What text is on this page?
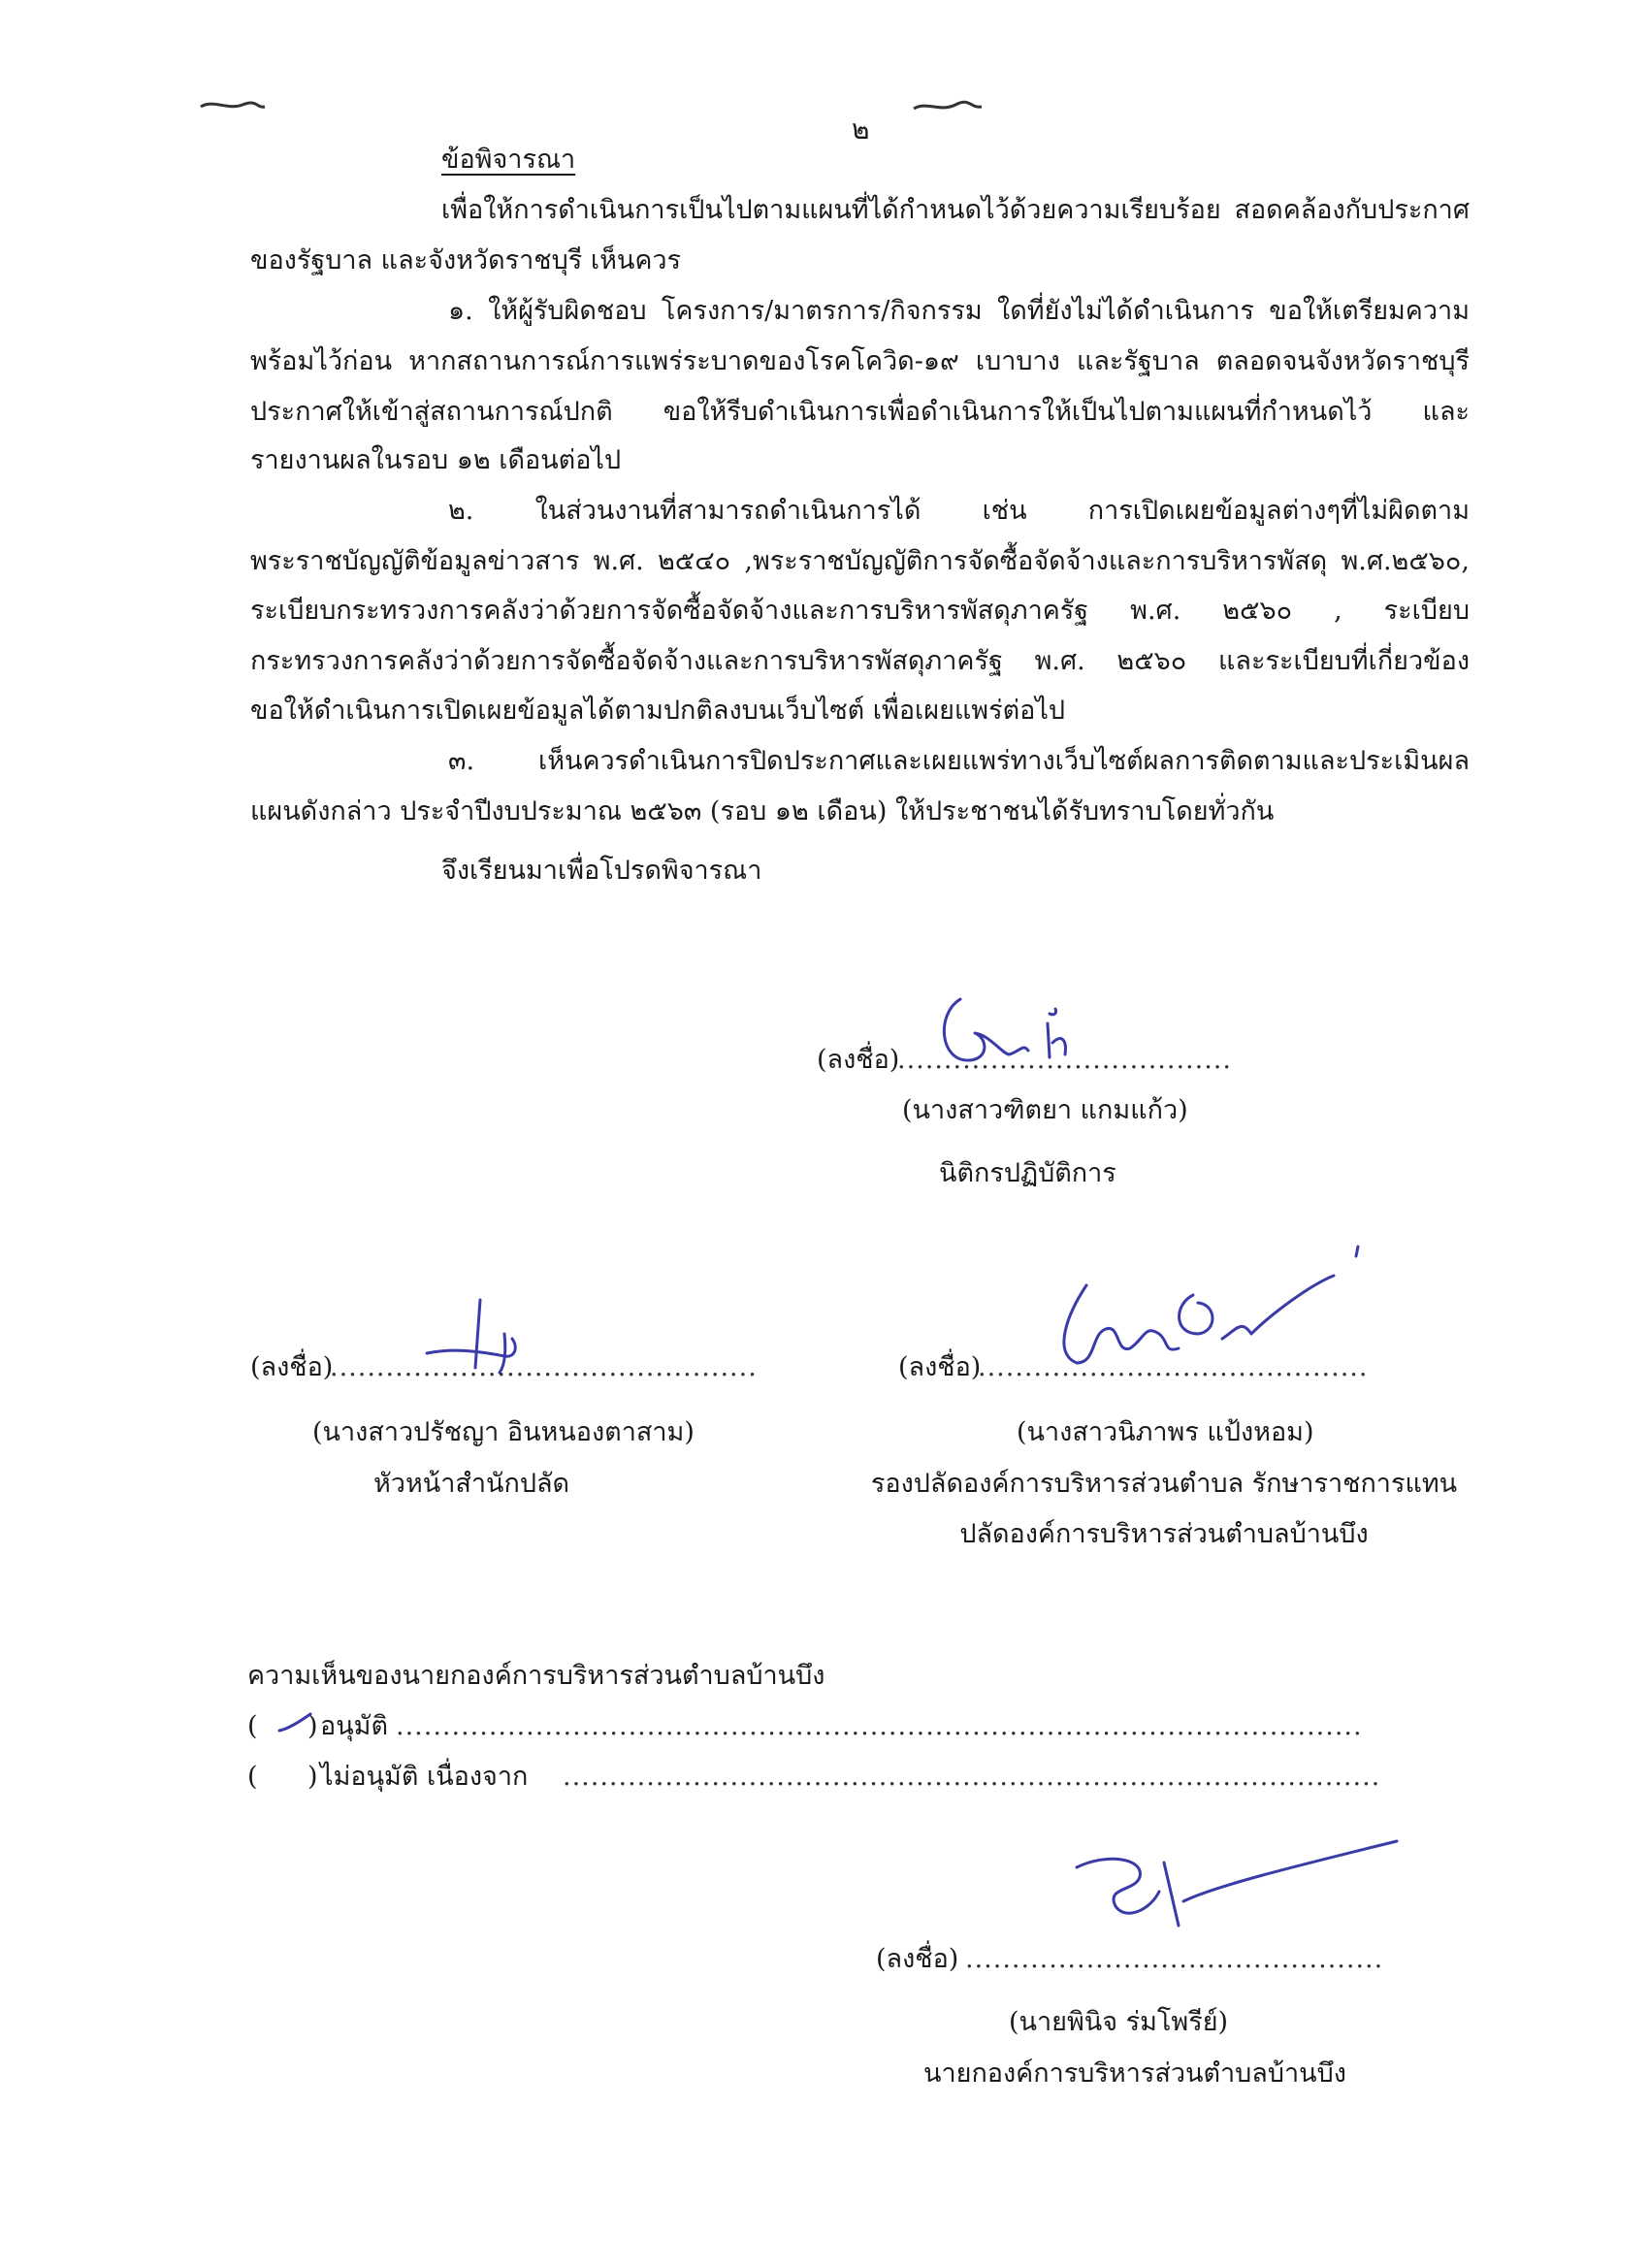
๒
ข้อพิจารณา
เพื่อให้การดำเนินการเป็นไปตามแผนที่ได้กำหนดไว้ด้วยความเรียบร้อย สอดคล้องกับประกาศ
ของรัฐบาล และจังหวัดราชบุรี เห็นควร
๑. ให้ผู้รับผิดชอบ โครงการ/มาตรการ/กิจกรรม ใดที่ยังไม่ได้ดำเนินการ ขอให้เตรียมความ
พร้อมไว้ก่อน หากสถานการณ์การแพร่ระบาดของโรคโควิด-๑๙ เบาบาง และรัฐบาล ตลอดจนจังหวัดราชบุรี
ประกาศให้เข้าสู่สถานการณ์ปกติ ขอให้รีบดำเนินการเพื่อดำเนินการให้เป็นไปตามแผนที่กำหนดไว้ และ
รายงานผลในรอบ ๑๒ เดือนต่อไป
๒. ในส่วนงานที่สามารถดำเนินการได้ เช่น การเปิดเผยข้อมูลต่างๆที่ไม่ผิดตาม
พระราชบัญญัติข้อมูลข่าวสาร พ.ศ. ๒๕๔๐ ,พระราชบัญญัติการจัดซื้อจัดจ้างและการบริหารพัสดุ พ.ศ.๒๕๖๐,
ระเบียบกระทรวงการคลังว่าด้วยการจัดซื้อจัดจ้างและการบริหารพัสดุภาครัฐ พ.ศ. ๒๕๖๐ , ระเบียบ
กระทรวงการคลังว่าด้วยการจัดซื้อจัดจ้างและการบริหารพัสดุภาครัฐ พ.ศ. ๒๕๖๐ และระเบียบที่เกี่ยวข้อง
ขอให้ดำเนินการเปิดเผยข้อมูลได้ตามปกติลงบนเว็บไซต์ เพื่อเผยแพร่ต่อไป
๓. เห็นควรดำเนินการปิดประกาศและเผยแพร่ทางเว็บไซต์ผลการติดตามและประเมินผล
แผนดังกล่าว ประจำปีงบประมาณ ๒๕๖๓ (รอบ ๑๒ เดือน) ให้ประชาชนได้รับทราบโดยทั่วกัน
จึงเรียนมาเพื่อโปรดพิจารณา
(ลงชื่อ)
....................................
(นางสาวฑิตยา แกมแก้ว)
นิติกรปฏิบัติการ
(ลงชื่อ)
..............................................
(นางสาวปรัชญา อินหนองตาสาม)
หัวหน้าสำนักปลัด
(ลงชื่อ)
..........................................
(นางสาวนิภาพร แป้งหอม)
รองปลัดองค์การบริหารส่วนตำบล รักษาราชการแทน
ปลัดองค์การบริหารส่วนตำบลบ้านบึง
ความเห็นของนายกองค์การบริหารส่วนตำบลบ้านบึง
(      ) อนุมัติ ........................................................................................................
(      ) ไม่อนุมัติ เนื่องจาก ........................................................................................
(ลงชื่อ) .............................................
(นายพินิจ ร่มโพรีย์)
นายกองค์การบริหารส่วนตำบลบ้านบึง
